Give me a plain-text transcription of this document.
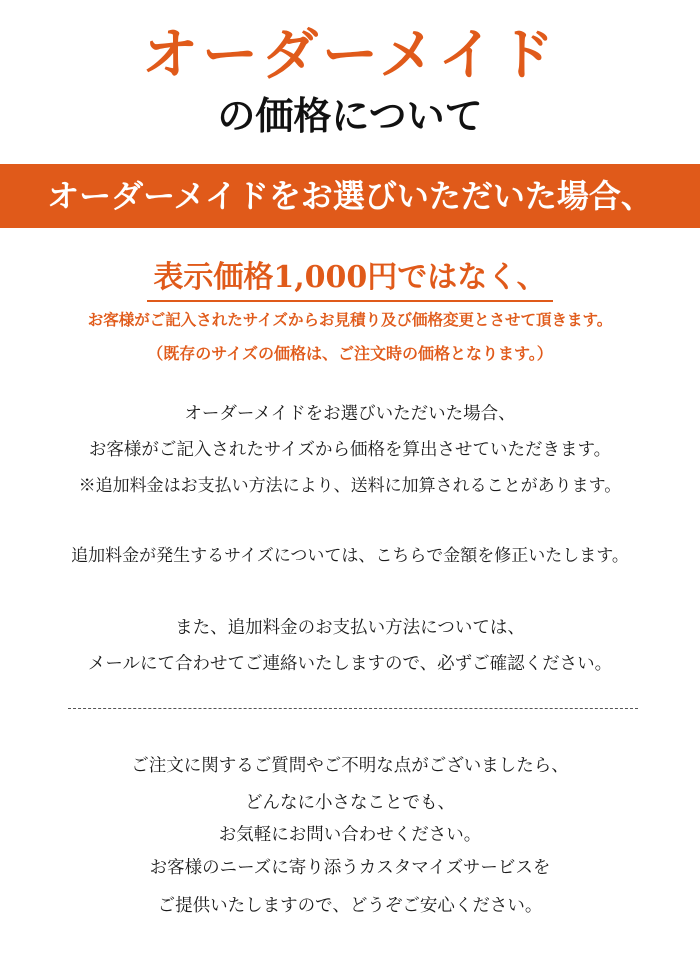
オーダーメイド
の価格について
オーダーメイドをお選びいただいた場合、
表示価格1,000円ではなく、
お客様がご記入されたサイズからお見積り及び価格変更とさせて頂きます。
（既存のサイズの価格は、ご注文時の価格となります。）
オーダーメイドをお選びいただいた場合、
お客様がご記入されたサイズから価格を算出させていただきます。
※追加料金はお支払い方法により、送料に加算されることがあります。
追加料金が発生するサイズについては、こちらで金額を修正いたします。
また、追加料金のお支払い方法については、
メールにて合わせてご連絡いたしますので、必ずご確認ください。
ご注文に関するご質問やご不明な点がございましたら、
どんなに小さなことでも、
お気軽にお問い合わせください。
お客様のニーズに寄り添うカスタマイズサービスを
ご提供いたしますので、どうぞご安心ください。
